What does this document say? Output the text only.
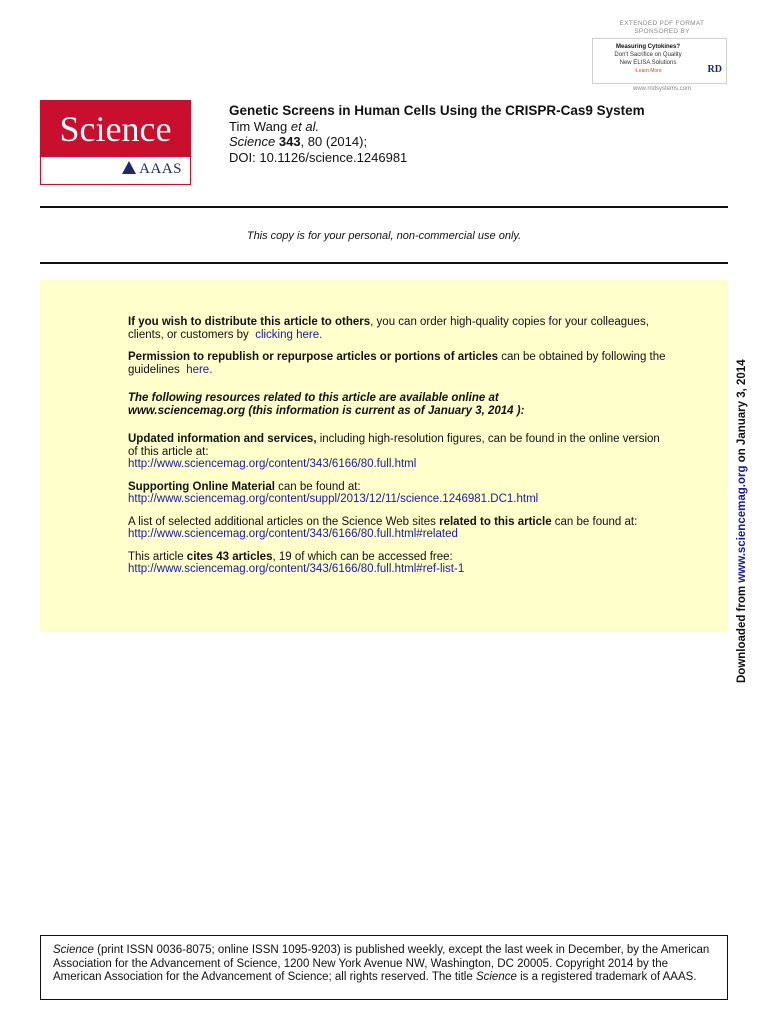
EXTENDED PDF FORMAT
SPONSORED BY
Measuring Cytokines?
Don't Sacrifice on Quality
New ELISA Solutions
›Learn More	RD
www.rndsystems.com
Science
AAAS
Genetic Screens in Human Cells Using the CRISPR-Cas9 System
Tim Wang et al.
Science 343, 80 (2014);
DOI: 10.1126/science.1246981
This copy is for your personal, non-commercial use only.

If you wish to distribute this article to others, you can order high-quality copies for your colleagues, clients, or customers by clicking here.

Permission to republish or repurpose articles or portions of articles can be obtained by following the guidelines here.

The following resources related to this article are available online at
www.sciencemag.org (this information is current as of January 3, 2014 ):

Updated information and services, including high-resolution figures, can be found in the online version of this article at:
http://www.sciencemag.org/content/343/6166/80.full.html

Supporting Online Material can be found at:
http://www.sciencemag.org/content/suppl/2013/12/11/science.1246981.DC1.html

A list of selected additional articles on the Science Web sites related to this article can be found at:
http://www.sciencemag.org/content/343/6166/80.full.html#related

This article cites 43 articles, 19 of which can be accessed free:
http://www.sciencemag.org/content/343/6166/80.full.html#ref-list-1

Downloaded from www.sciencemag.org on January 3, 2014
Science (print ISSN 0036-8075; online ISSN 1095-9203) is published weekly, except the last week in December, by the American Association for the Advancement of Science, 1200 New York Avenue NW, Washington, DC 20005. Copyright 2014 by the American Association for the Advancement of Science; all rights reserved. The title Science is a registered trademark of AAAS.
